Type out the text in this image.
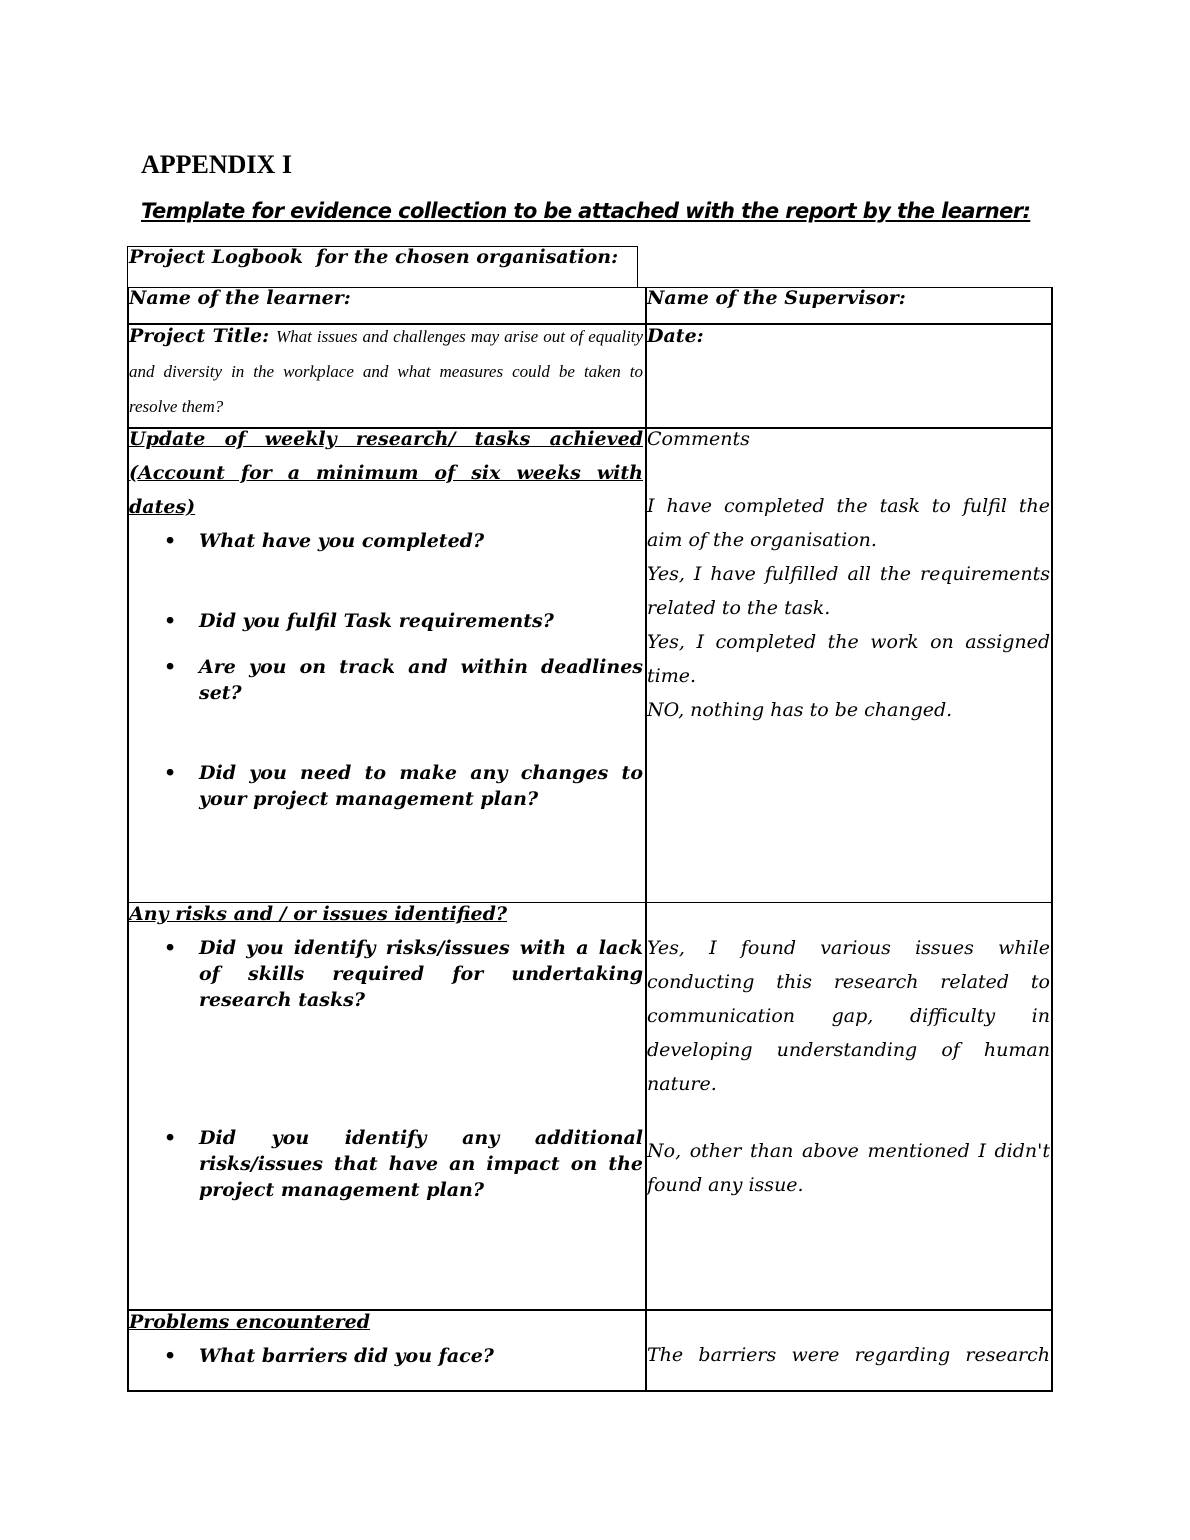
APPENDIX I
Template for evidence collection to be attached with the report by the learner:
Project Logbook  for the chosen organisation:
Name of the learner:	Name of the Supervisor:
Project Title: What issues and challenges may arise out of equality and diversity in the workplace and what measures could be taken to resolve them?
Date:
Update of weekly research/ tasks achieved
(Account for a minimum of six weeks with
dates)
• What have you completed?
• Did you fulfil Task requirements?
• Are you on track and within deadlines set?
• Did you need to make any changes to your project management plan?
Comments
I have completed the task to fulfil the aim of the organisation.
Yes, I have fulfilled all the requirements related to the task.
Yes, I completed the work on assigned time.
NO, nothing has to be changed.
Any risks and / or issues identified?
• Did you identify risks/issues with a lack of skills required for undertaking research tasks?
• Did you identify any additional risks/issues that have an impact on the project management plan?
Yes, I found various issues while conducting this research related to communication gap, difficulty in developing understanding of human nature.
No, other than above mentioned I didn't found any issue.
Problems encountered
• What barriers did you face?	The barriers were regarding research
